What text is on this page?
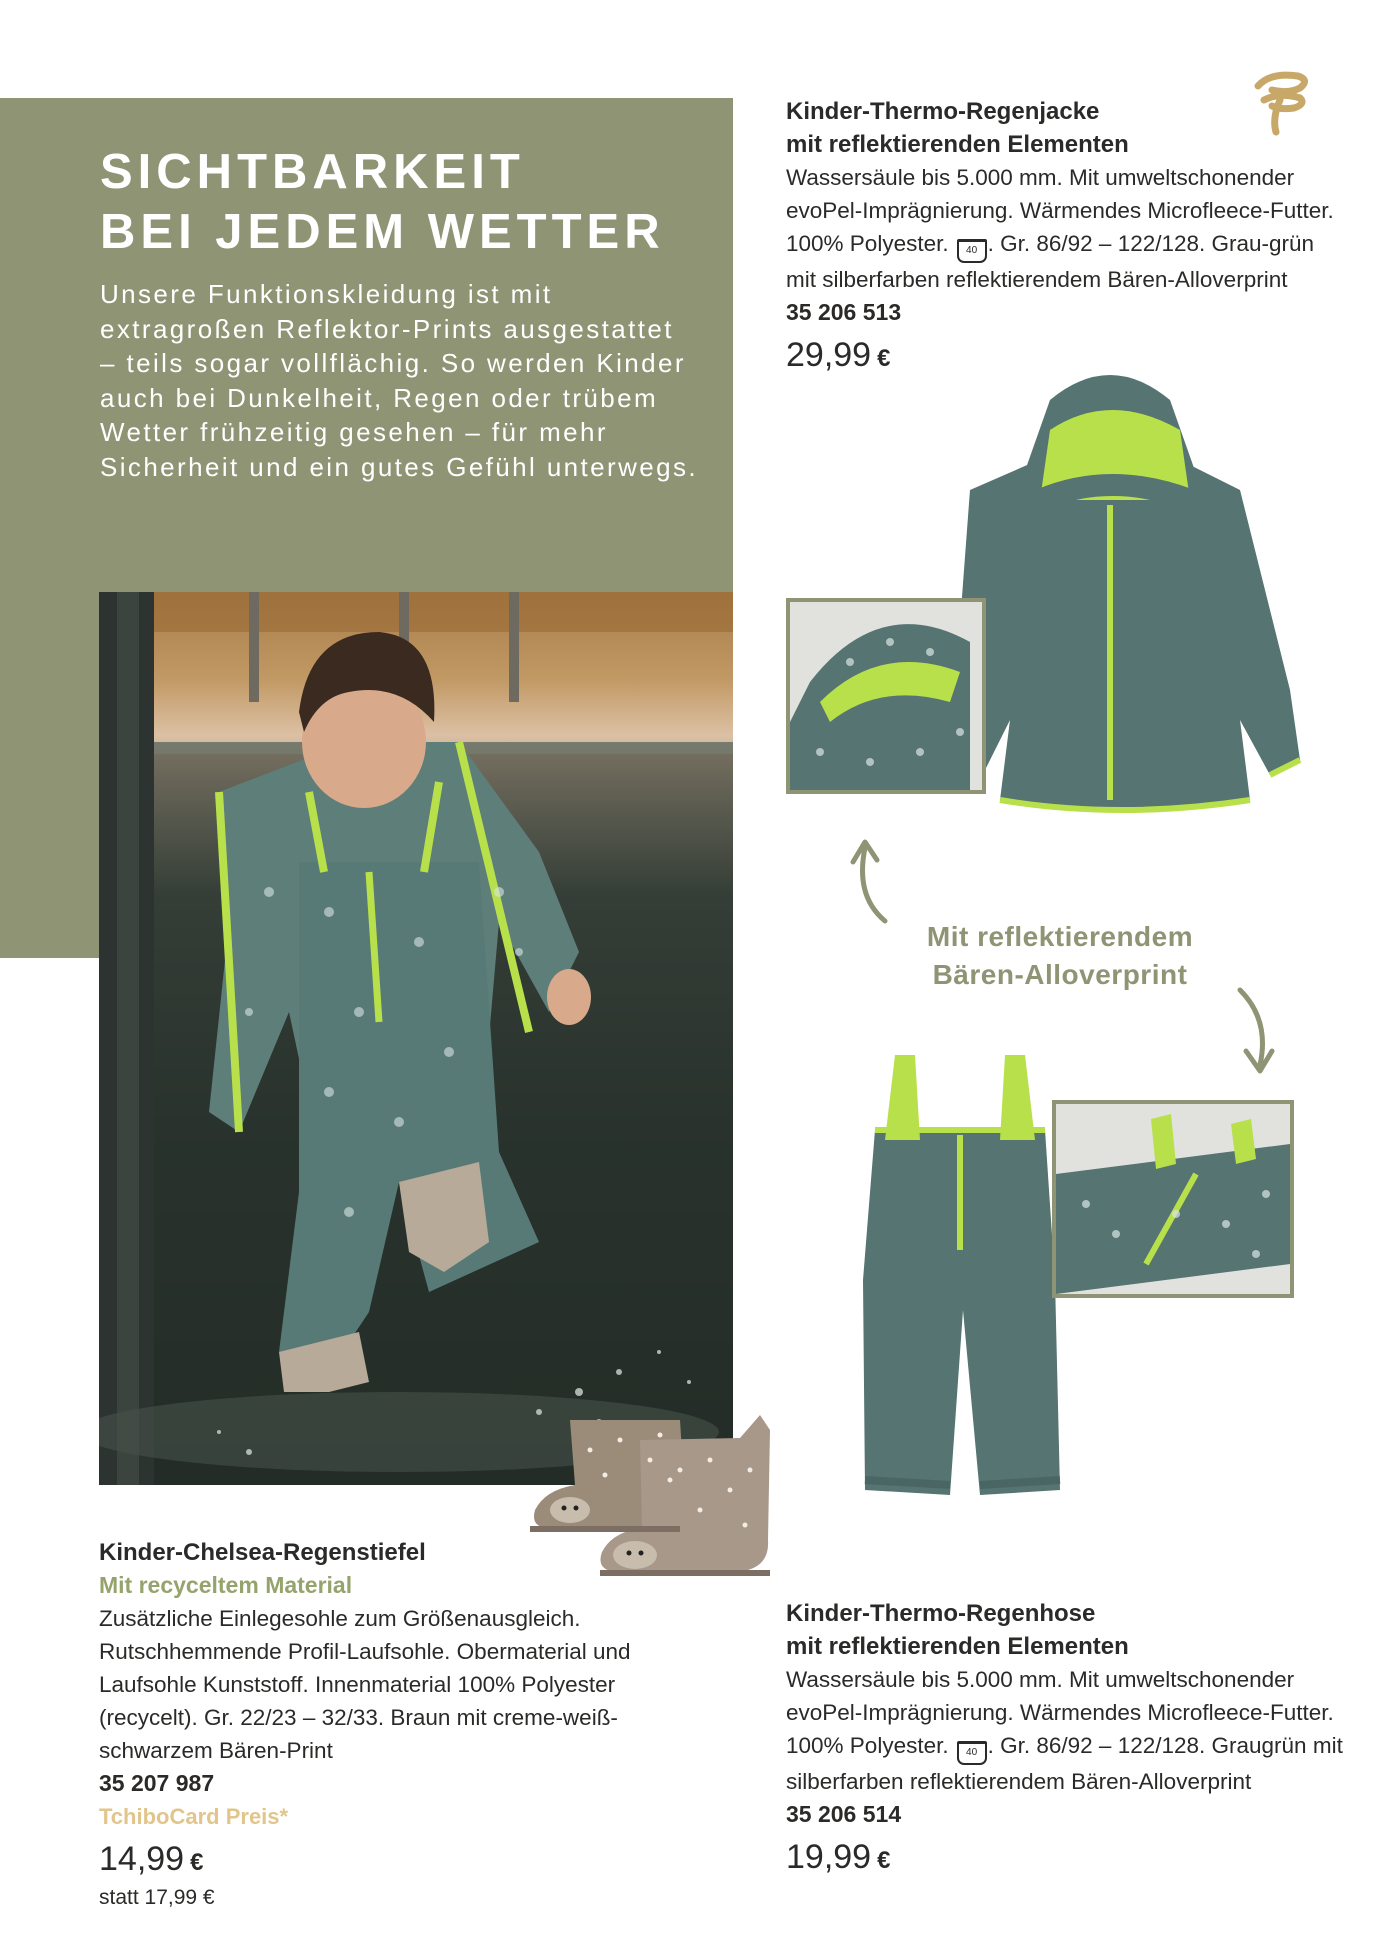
SICHTBARKEIT
BEI JEDEM WETTER

Unsere Funktionskleidung ist mit extragroßen Reflektor-Prints ausgestattet – teils sogar vollflächig. So werden Kinder auch bei Dunkelheit, Regen oder trübem Wetter frühzeitig gesehen – für mehr Sicherheit und ein gutes Gefühl unterwegs.

Kinder-Thermo-Regenjacke

mit reflektierenden Elementen

Wassersäule bis 5.000 mm. Mit umweltschonender evoPel-Imprägnierung. Wärmendes Microfleece-Futter. 100% Polyester. 40 . Gr. 86/92 – 122/128. Grau-grün mit silberfarben reflektierendem Bären-Alloverprint

35 206 513

29,99 €

Mit reflektierendem
Bären-Alloverprint

Kinder-Chelsea-Regenstiefel

Mit recyceltem Material

Zusätzliche Einlegesohle zum Größenausgleich. Rutschhemmende Profil-Laufsohle. Obermaterial und Laufsohle Kunststoff. Innenmaterial 100% Polyester (recycelt). Gr. 22/23 – 32/33. Braun mit creme-weiß-schwarzem Bären-Print

35 207 987

TchiboCard Preis*

14,99 €

statt 17,99 €

Kinder-Thermo-Regenhose

mit reflektierenden Elementen

Wassersäule bis 5.000 mm. Mit umweltschonender evoPel-Imprägnierung. Wärmendes Microfleece-Futter. 100% Polyester. 40 . Gr. 86/92 – 122/128. Graugrün mit silberfarben reflektierendem Bären-Alloverprint

35 206 514

19,99 €
